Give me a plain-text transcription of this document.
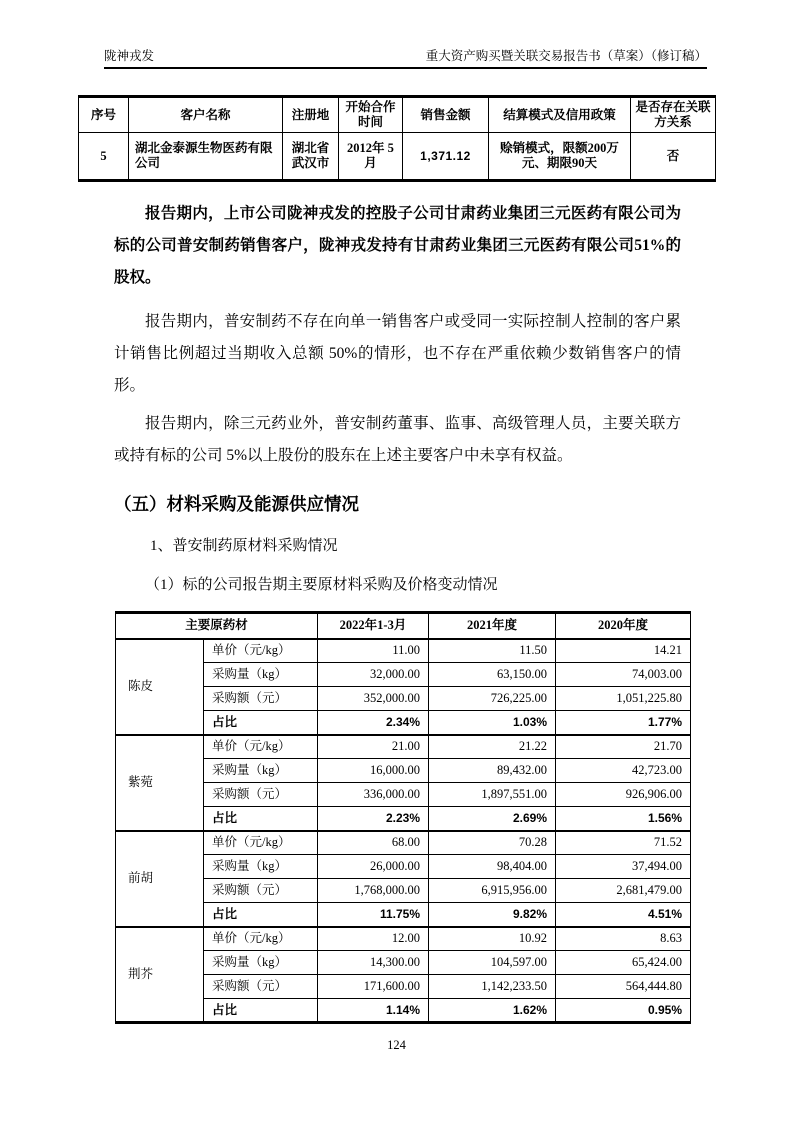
陇神戎发	重大资产购买暨关联交易报告书（草案）（修订稿）
序号	客户名称	注册地	开始合作时间	销售金额	结算模式及信用政策	是否存在关联方关系
5	湖北金泰源生物医药有限公司	湖北省武汉市	2012年 5月	1,371.12	赊销模式，限额200万元、期限90天	否

报告期内，上市公司陇神戎发的控股子公司甘肃药业集团三元医药有限公司为标的公司普安制药销售客户，陇神戎发持有甘肃药业集团三元医药有限公司51%的股权。

报告期内，普安制药不存在向单一销售客户或受同一实际控制人控制的客户累计销售比例超过当期收入总额 50%的情形，也不存在严重依赖少数销售客户的情形。

报告期内，除三元药业外，普安制药董事、监事、高级管理人员，主要关联方或持有标的公司 5%以上股份的股东在上述主要客户中未享有权益。

（五）材料采购及能源供应情况
1、普安制药原材料采购情况
（1）标的公司报告期主要原材料采购及价格变动情况
主要原药材		2022年1-3月	2021年度	2020年度
陈皮	单价（元/kg）	11.00	11.50	14.21
	采购量（kg）	32,000.00	63,150.00	74,003.00
	采购额（元）	352,000.00	726,225.00	1,051,225.80
	占比	2.34%	1.03%	1.77%
紫菀	单价（元/kg）	21.00	21.22	21.70
	采购量（kg）	16,000.00	89,432.00	42,723.00
	采购额（元）	336,000.00	1,897,551.00	926,906.00
	占比	2.23%	2.69%	1.56%
前胡	单价（元/kg）	68.00	70.28	71.52
	采购量（kg）	26,000.00	98,404.00	37,494.00
	采购额（元）	1,768,000.00	6,915,956.00	2,681,479.00
	占比	11.75%	9.82%	4.51%
荆芥	单价（元/kg）	12.00	10.92	8.63
	采购量（kg）	14,300.00	104,597.00	65,424.00
	采购额（元）	171,600.00	1,142,233.50	564,444.80
	占比	1.14%	1.62%	0.95%
124
